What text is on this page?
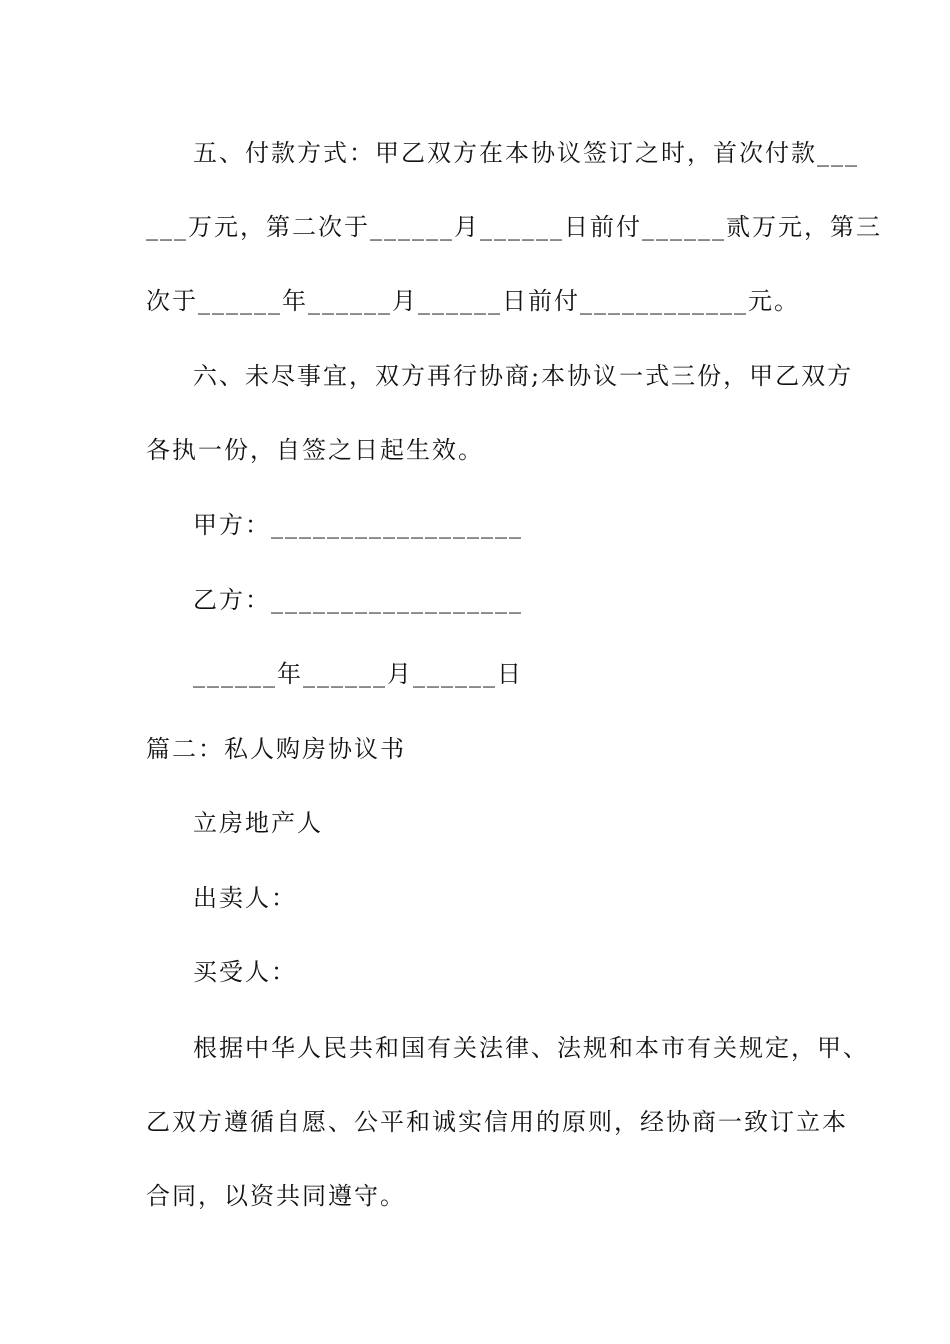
五、付款方式：甲乙双方在本协议签订之时，首次付款___
___万元，第二次于______月______日前付______贰万元，第三
次于______年______月______日前付____________元。
六、未尽事宜，双方再行协商;本协议一式三份，甲乙双方
各执一份，自签之日起生效。
甲方：__________________
乙方：__________________
______年______月______日
篇二：私人购房协议书
立房地产人
出卖人：
买受人：
根据中华人民共和国有关法律、法规和本市有关规定，甲、
乙双方遵循自愿、公平和诚实信用的原则，经协商一致订立本
合同，以资共同遵守。
